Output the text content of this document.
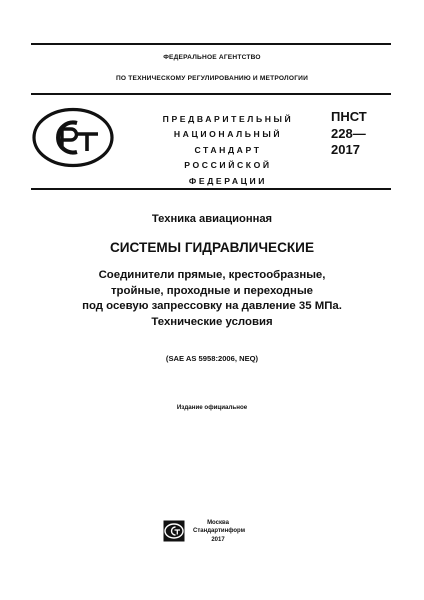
ФЕДЕРАЛЬНОЕ АГЕНТСТВО
ПО ТЕХНИЧЕСКОМУ РЕГУЛИРОВАНИЮ И МЕТРОЛОГИИ
ПРЕДВАРИТЕЛЬНЫЙ
НАЦИОНАЛЬНЫЙ
СТАНДАРТ
РОССИЙСКОЙ
ФЕДЕРАЦИИ
ПНСТ
228—
2017
Техника авиационная
СИСТЕМЫ ГИДРАВЛИЧЕСКИЕ
Соединители прямые, крестообразные,
тройные, проходные и переходные
под осевую запрессовку на давление 35 МПа.
Технические условия
(SAE AS 5958:2006, NEQ)
Издание официальное
Москва
Стандартинформ
2017
